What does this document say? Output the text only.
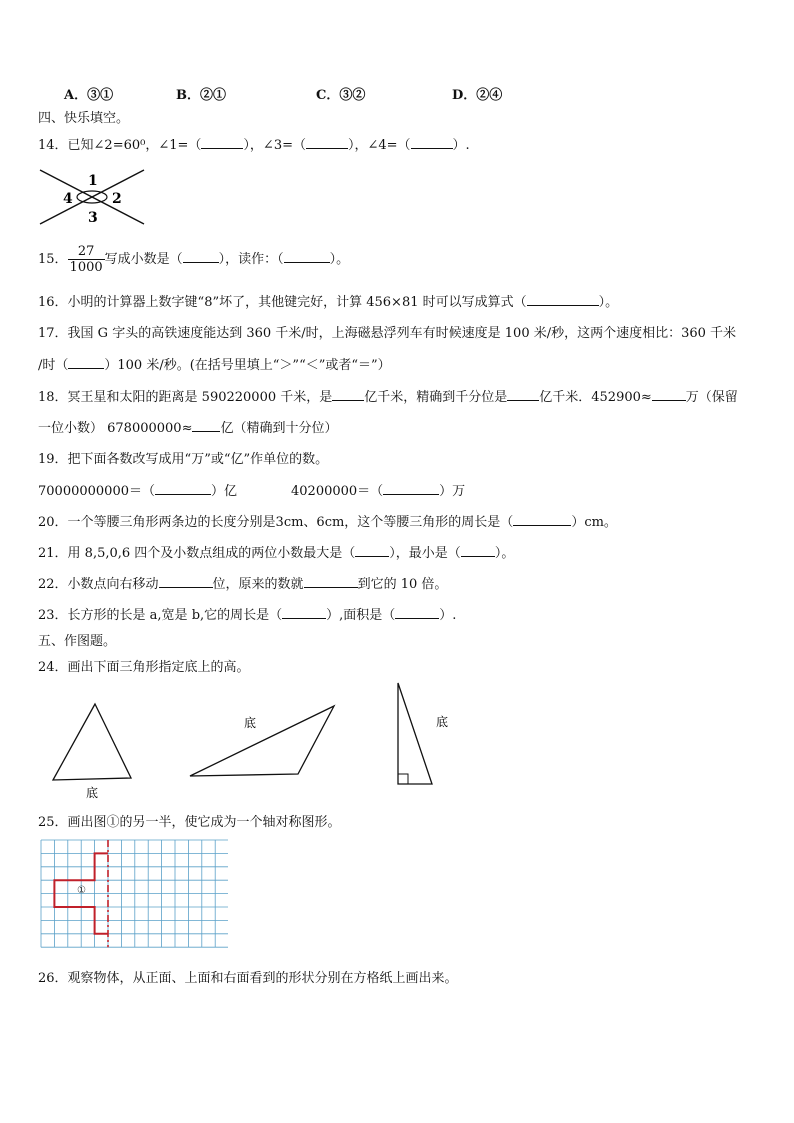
A．③①	B．②①	C．③②	D．②④
四、快乐填空。
14．已知∠2=60⁰，∠1=（	），∠3=（	），∠4=（	）.
1
2
3
4
15． $\frac{27}{1000}$ 写成小数是（	），读作：（	）。
16．小明的计算器上数字键“8”坏了，其他键完好，计算 456×81 时可以写成算式（	）。
17．我国 G 字头的高铁速度能达到 360 千米/时，上海磁悬浮列车有时候速度是 100 米/秒，这两个速度相比：360 千米
/时（	）100 米/秒。(在括号里填上“＞”“＜”或者“＝”）
18．冥王星和太阳的距离是 590220000 千米，是 亿千米，精确到千分位是 亿千米．452900≈	万（保留
一位小数） 678000000≈ 亿（精确到十分位）
19．把下面各数改写成用“万”或“亿”作单位的数。
70000000000＝（	）亿	40200000＝（	）万
20．一个等腰三角形两条边的长度分别是3cm、6cm，这个等腰三角形的周长是（	）cm。
21．用 8,5,0,6 四个及小数点组成的两位小数最大是（	），最小是（	）。
22．小数点向右移动	位，原来的数就	到它的 10 倍。
23．长方形的长是 a,宽是 b,它的周长是（	）,面积是（	）.
五、作图题。
24．画出下面三角形指定底上的高。
底
底	底
25．画出图①的另一半，使它成为一个轴对称图形。
①
26．观察物体，从正面、上面和右面看到的形状分别在方格纸上画出来。
